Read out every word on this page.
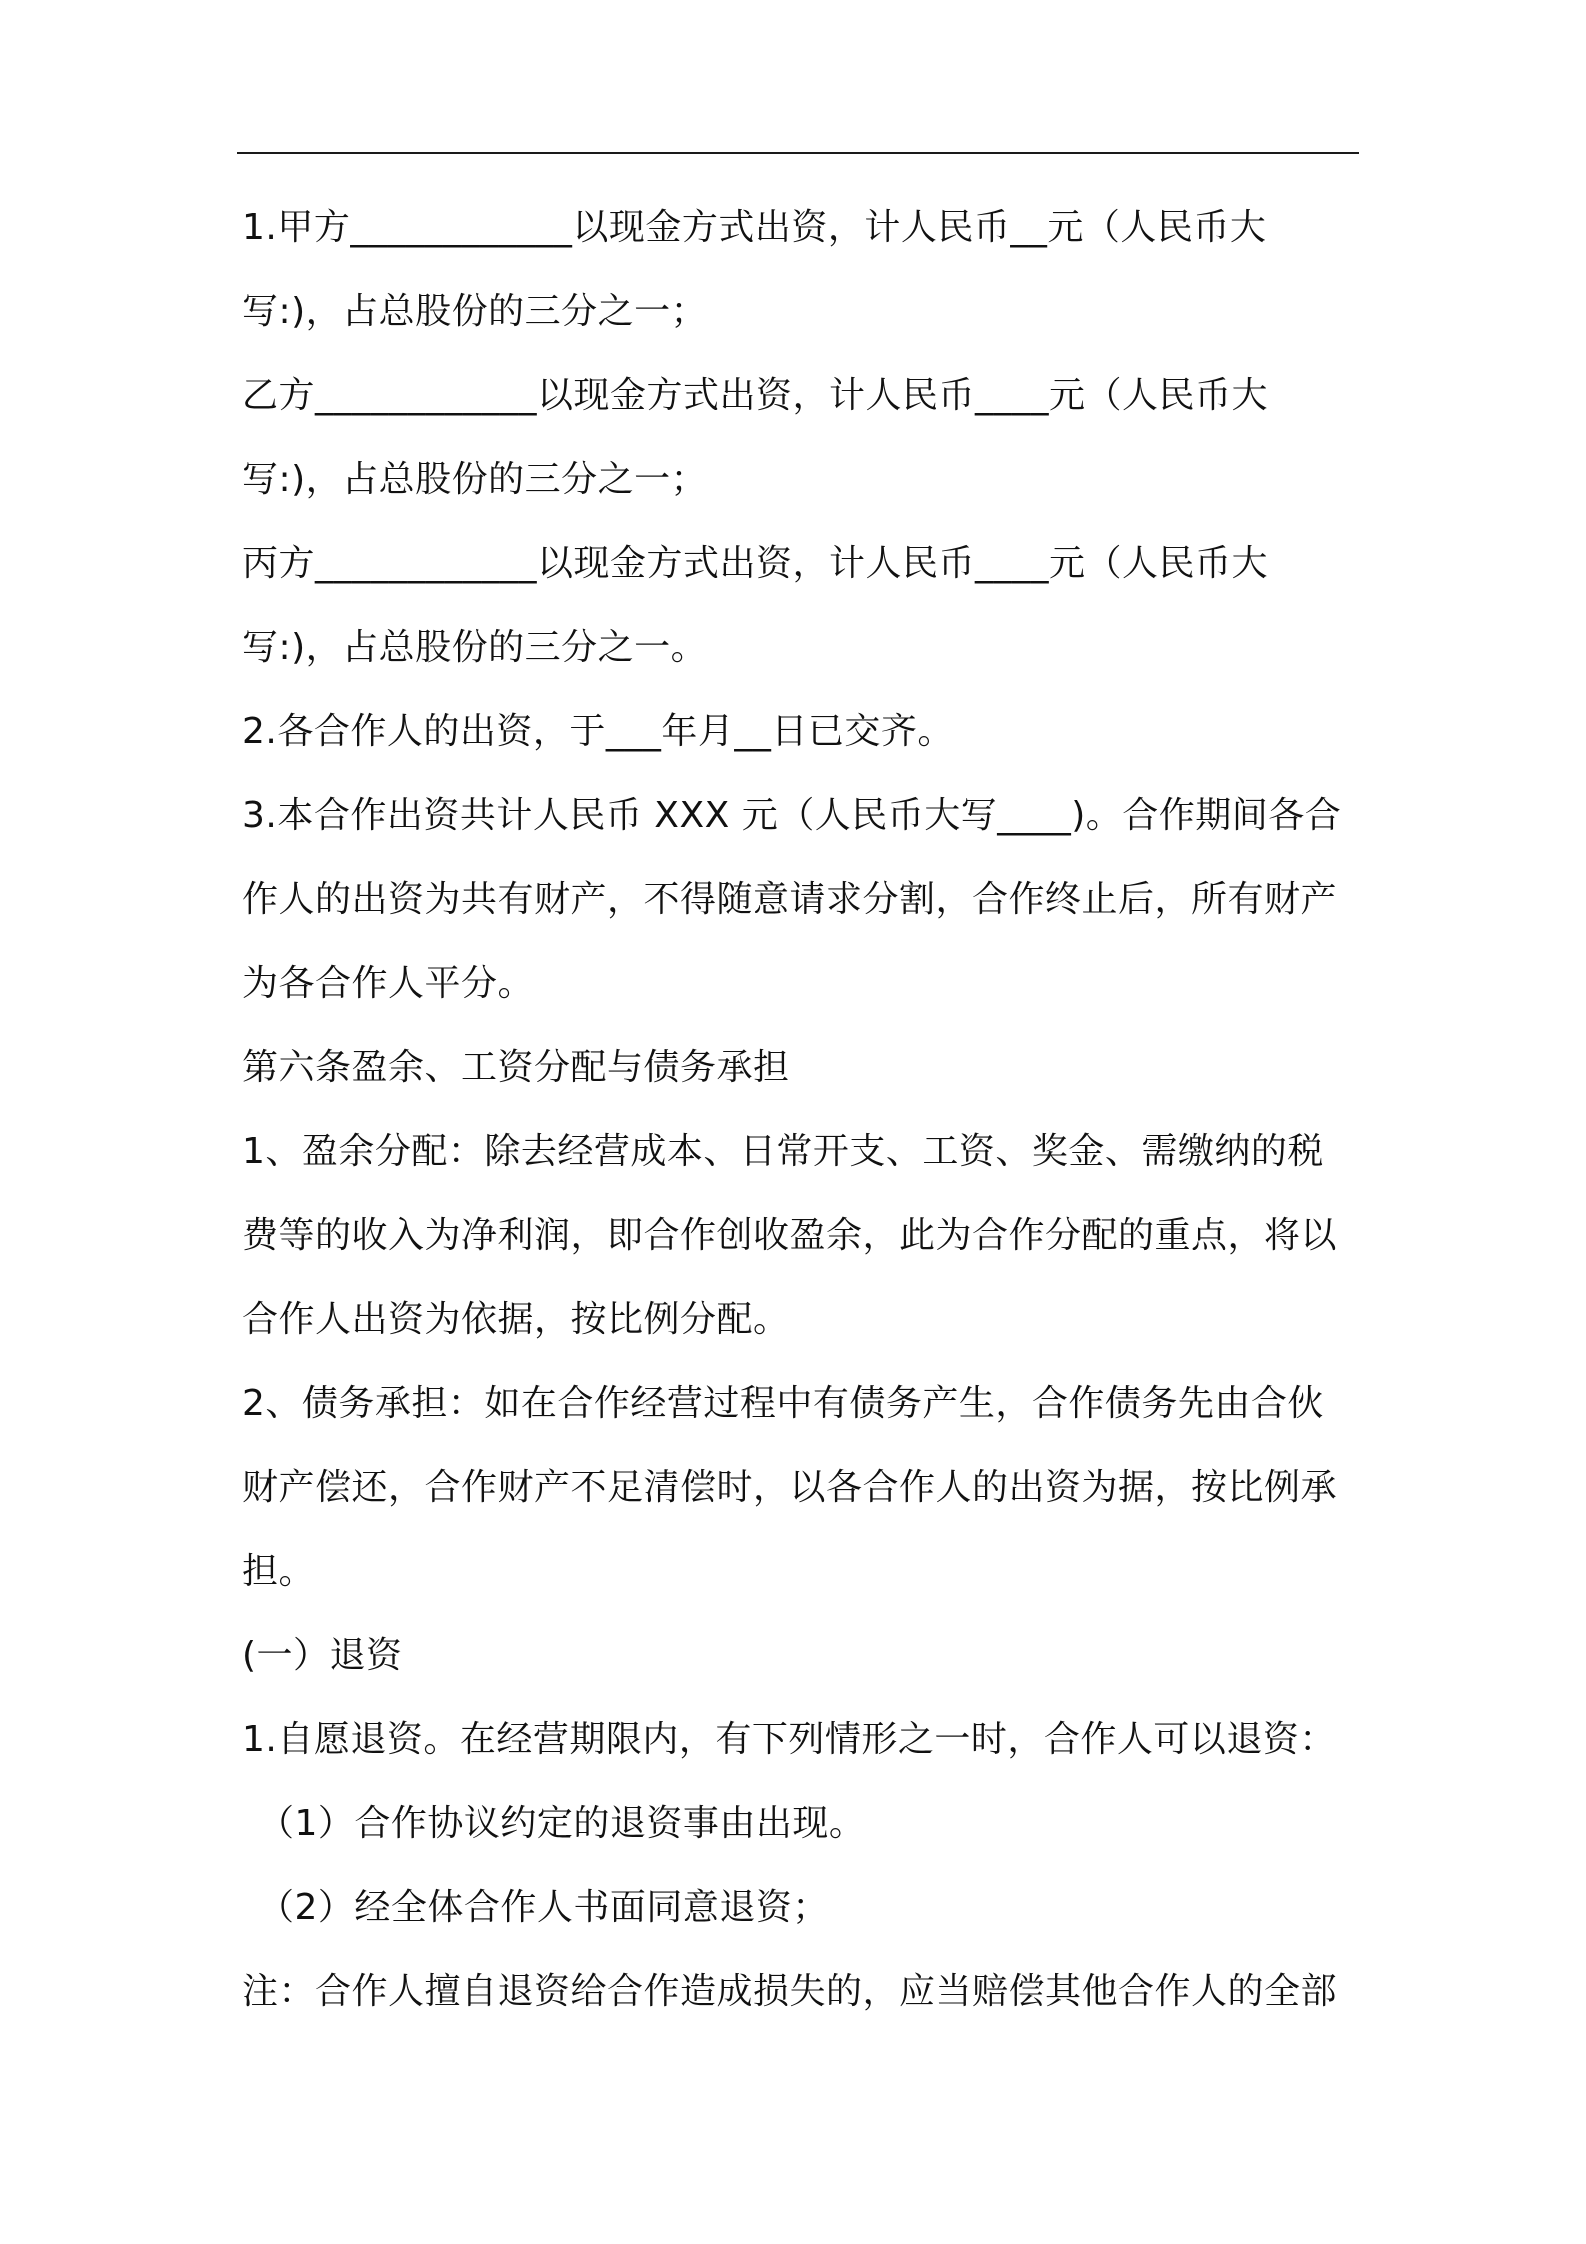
1.甲方____________以现金方式出资，计人民币__元（人民币大
写:)，占总股份的三分之一；
乙方____________以现金方式出资，计人民币____元（人民币大
写:)，占总股份的三分之一；
丙方____________以现金方式出资，计人民币____元（人民币大
写:)，占总股份的三分之一。
2.各合作人的出资，于___年月__日已交齐。
3.本合作出资共计人民币 XXX 元（人民币大写____)。合作期间各合
作人的出资为共有财产，不得随意请求分割，合作终止后，所有财产
为各合作人平分。
第六条盈余、工资分配与债务承担
1、盈余分配：除去经营成本、日常开支、工资、奖金、需缴纳的税
费等的收入为净利润，即合作创收盈余，此为合作分配的重点，将以
合作人出资为依据，按比例分配。
2、债务承担：如在合作经营过程中有债务产生，合作债务先由合伙
财产偿还，合作财产不足清偿时，以各合作人的出资为据，按比例承
担。
(一）退资
1.自愿退资。在经营期限内，有下列情形之一时，合作人可以退资：
（1）合作协议约定的退资事由出现。
（2）经全体合作人书面同意退资；
注：合作人擅自退资给合作造成损失的，应当赔偿其他合作人的全部
